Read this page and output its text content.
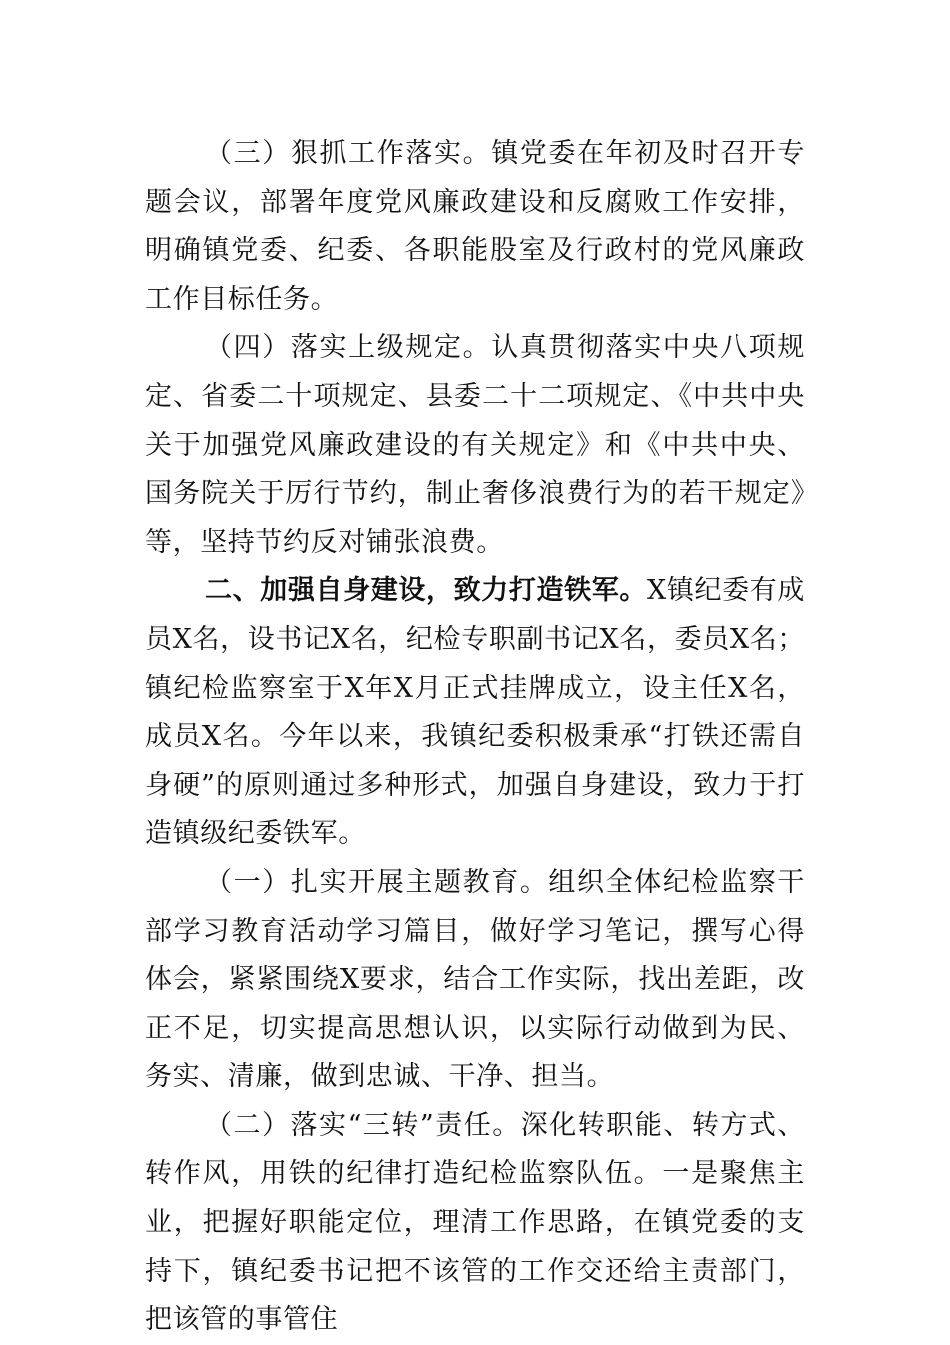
（三）狠抓工作落实。镇党委在年初及时召开专题会议，部署年度党风廉政建设和反腐败工作安排，明确镇党委、纪委、各职能股室及行政村的党风廉政工作目标任务。

（四）落实上级规定。认真贯彻落实中央八项规定、省委二十项规定、县委二十二项规定、《中共中央关于加强党风廉政建设的有关规定》和《中共中央、国务院关于厉行节约，制止奢侈浪费行为的若干规定》等，坚持节约反对铺张浪费。

二、加强自身建设，致力打造铁军。X镇纪委有成员X名，设书记X名，纪检专职副书记X名，委员X名；镇纪检监察室于X年X月正式挂牌成立，设主任X名，成员X名。今年以来，我镇纪委积极秉承“打铁还需自身硬”的原则通过多种形式，加强自身建设，致力于打造镇级纪委铁军。

（一）扎实开展主题教育。组织全体纪检监察干部学习教育活动学习篇目，做好学习笔记，撰写心得体会，紧紧围绕X要求，结合工作实际，找出差距，改正不足，切实提高思想认识，以实际行动做到为民、务实、清廉，做到忠诚、干净、担当。

（二）落实“三转”责任。深化转职能、转方式、转作风，用铁的纪律打造纪检监察队伍。一是聚焦主业，把握好职能定位，理清工作思路，在镇党委的支持下，镇纪委书记把不该管的工作交还给主责部门，把该管的事管住
